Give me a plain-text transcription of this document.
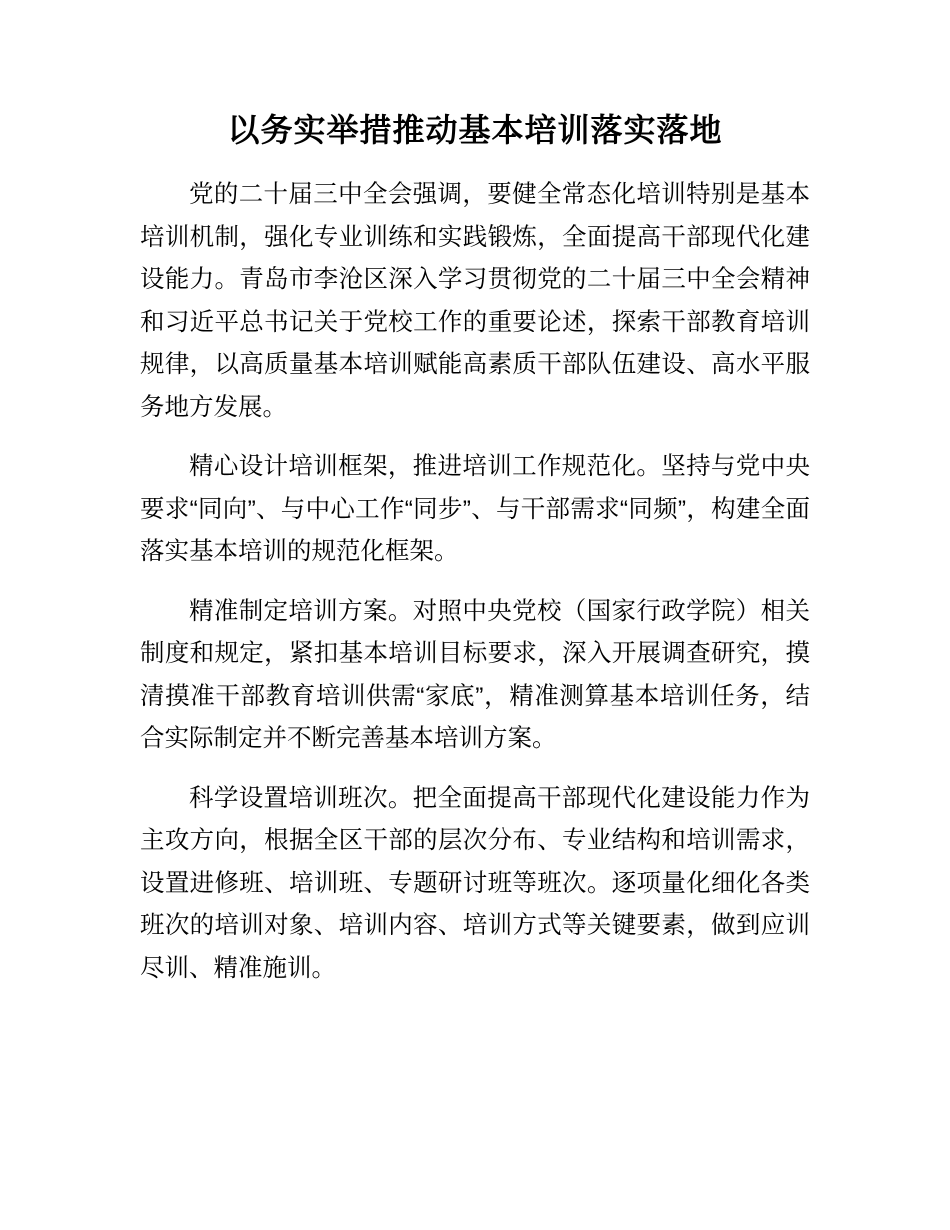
以务实举措推动基本培训落实落地

党的二十届三中全会强调，要健全常态化培训特别是基本培训机制，强化专业训练和实践锻炼，全面提高干部现代化建设能力。青岛市李沧区深入学习贯彻党的二十届三中全会精神和习近平总书记关于党校工作的重要论述，探索干部教育培训规律，以高质量基本培训赋能高素质干部队伍建设、高水平服务地方发展。

精心设计培训框架，推进培训工作规范化。坚持与党中央要求“同向”、与中心工作“同步”、与干部需求“同频”，构建全面落实基本培训的规范化框架。

精准制定培训方案。对照中央党校（国家行政学院）相关制度和规定，紧扣基本培训目标要求，深入开展调查研究，摸清摸准干部教育培训供需“家底”，精准测算基本培训任务，结合实际制定并不断完善基本培训方案。

科学设置培训班次。把全面提高干部现代化建设能力作为主攻方向，根据全区干部的层次分布、专业结构和培训需求，设置进修班、培训班、专题研讨班等班次。逐项量化细化各类班次的培训对象、培训内容、培训方式等关键要素，做到应训尽训、精准施训。
